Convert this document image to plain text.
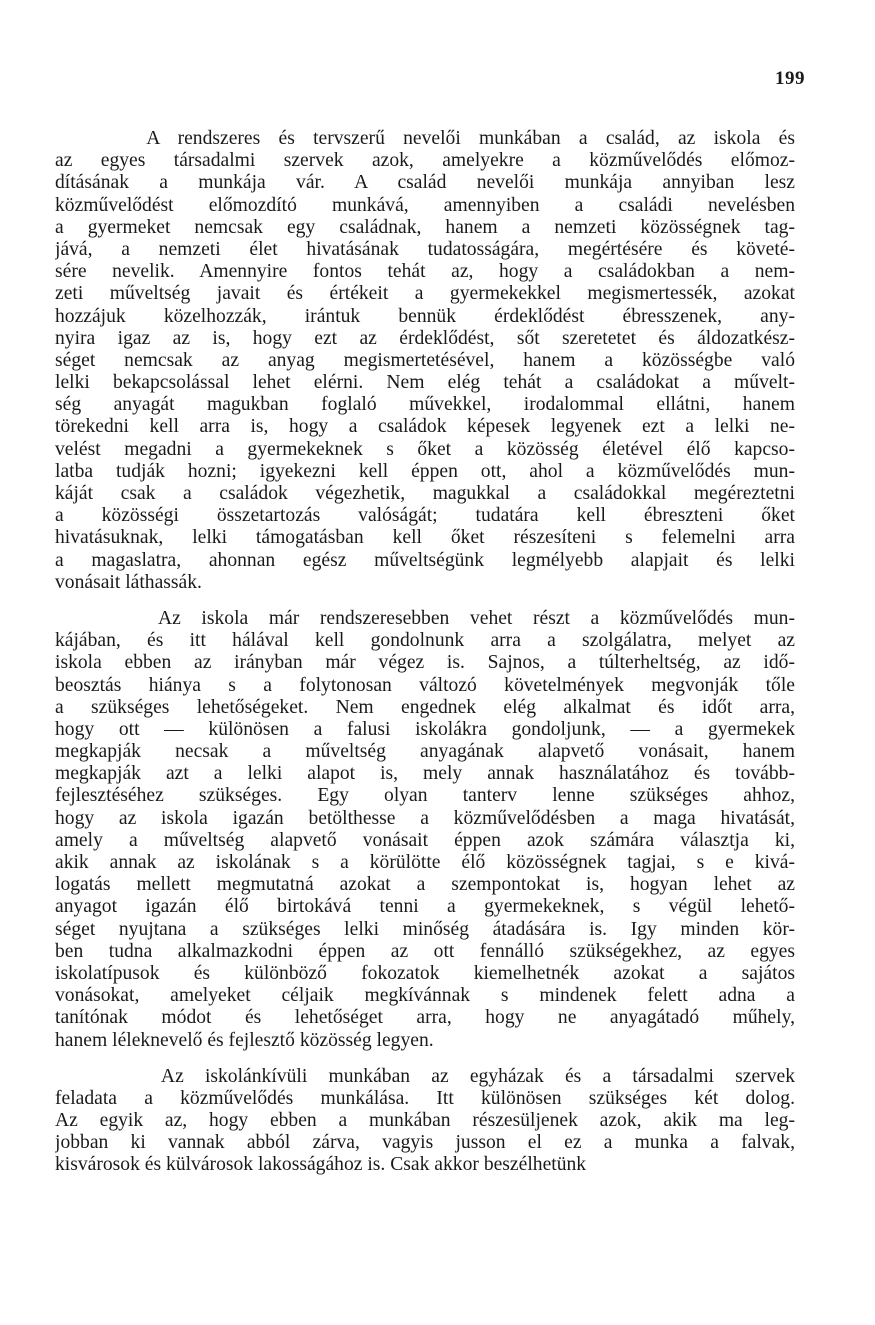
199
A rendszeres és tervszerű nevelői munkában a család, az iskola és
az egyes társadalmi szervek azok, amelyekre a közművelődés előmoz-
dításának a munkája vár. A család nevelői munkája annyiban lesz
közművelődést előmozdító munkává, amennyiben a családi nevelésben
a gyermeket nemcsak egy családnak, hanem a nemzeti közösségnek tag-
jává, a nemzeti élet hivatásának tudatosságára, megértésére és követé-
sére nevelik. Amennyire fontos tehát az, hogy a családokban a nem-
zeti műveltség javait és értékeit a gyermekekkel megismertessék, azokat
hozzájuk közelhozzák, irántuk bennük érdeklődést ébresszenek, any-
nyira igaz az is, hogy ezt az érdeklődést, sőt szeretetet és áldozatkész-
séget nemcsak az anyag megismertetésével, hanem a közösségbe való
lelki bekapcsolással lehet elérni. Nem elég tehát a családokat a művelt-
ség anyagát magukban foglaló művekkel, irodalommal ellátni, hanem
törekedni kell arra is, hogy a családok képesek legyenek ezt a lelki ne-
velést megadni a gyermekeknek s őket a közösség életével élő kapcso-
latba tudják hozni; igyekezni kell éppen ott, ahol a közművelődés mun-
káját csak a családok végezhetik, magukkal a családokkal megéreztetni
a közösségi összetartozás valóságát; tudatára kell ébreszteni őket
hivatásuknak, lelki támogatásban kell őket részesíteni s felemelni arra
a magaslatra, ahonnan egész műveltségünk legmélyebb alapjait és lelki
vonásait láthassák.
Az iskola már rendszeresebben vehet részt a közművelődés mun-
kájában, és itt hálával kell gondolnunk arra a szolgálatra, melyet az
iskola ebben az irányban már végez is. Sajnos, a túlterheltség, az idő-
beosztás hiánya s a folytonosan változó követelmények megvonják tőle
a szükséges lehetőségeket. Nem engednek elég alkalmat és időt arra,
hogy ott — különösen a falusi iskolákra gondoljunk, — a gyermekek
megkapják necsak a műveltség anyagának alapvető vonásait, hanem
megkapják azt a lelki alapot is, mely annak használatához és tovább-
fejlesztéséhez szükséges. Egy olyan tanterv lenne szükséges ahhoz,
hogy az iskola igazán betölthesse a közművelődésben a maga hivatását,
amely a műveltség alapvető vonásait éppen azok számára választja ki,
akik annak az iskolának s a körülötte élő közösségnek tagjai, s e kivá-
logatás mellett megmutatná azokat a szempontokat is, hogyan lehet az
anyagot igazán élő birtokává tenni a gyermekeknek, s végül lehető-
séget nyujtana a szükséges lelki minőség átadására is. Igy minden kör-
ben tudna alkalmazkodni éppen az ott fennálló szükségekhez, az egyes
iskolatípusok és különböző fokozatok kiemelhetnék azokat a sajátos
vonásokat, amelyeket céljaik megkívánnak s mindenek felett adna a
tanítónak módot és lehetőséget arra, hogy ne anyagátadó műhely,
hanem léleknevelő és fejlesztő közösség legyen.
Az iskolánkívüli munkában az egyházak és a társadalmi szervek
feladata a közművelődés munkálása. Itt különösen szükséges két dolog.
Az egyik az, hogy ebben a munkában részesüljenek azok, akik ma leg-
jobban ki vannak abból zárva, vagyis jusson el ez a munka a falvak,
kisvárosok és külvárosok lakosságához is. Csak akkor beszélhetünk
